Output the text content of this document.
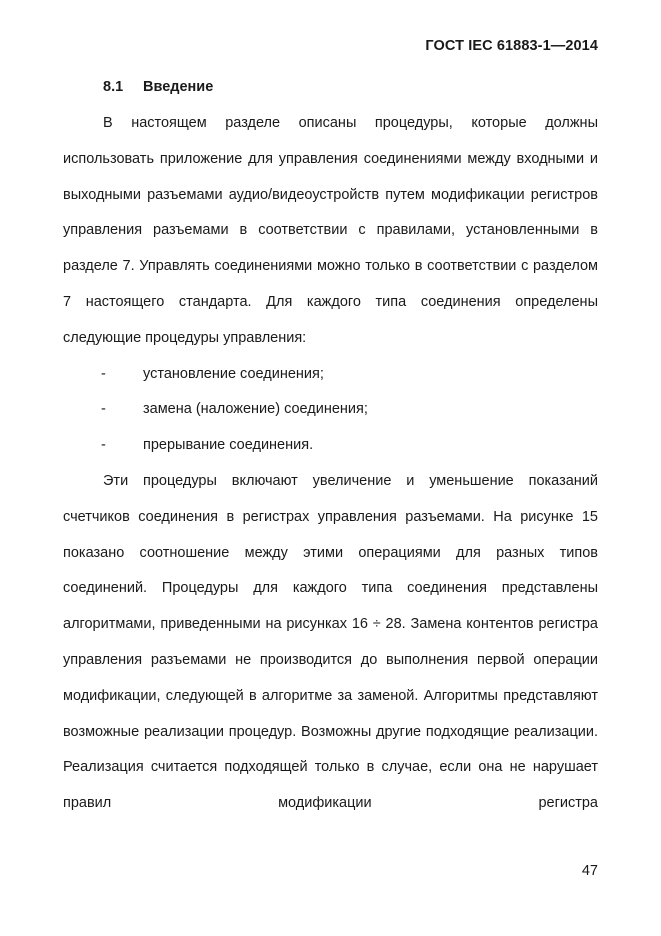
ГОСТ IEC 61883-1—2014
8.1 Введение

В настоящем разделе описаны процедуры, которые должны использовать приложение для управления соединениями между входными и выходными разъемами аудио/видеоустройств путем модификации регистров управления разъемами в соответствии с правилами, установленными в разделе 7. Управлять соединениями можно только в соответствии с разделом 7 настоящего стандарта. Для каждого типа соединения определены следующие процедуры управления:

-	установление соединения;
-	замена (наложение) соединения;
-	прерывание соединения.

Эти процедуры включают увеличение и уменьшение показаний счетчиков соединения в регистрах управления разъемами. На рисунке 15 показано соотношение между этими операциями для разных типов соединений. Процедуры для каждого типа соединения представлены алгоритмами, приведенными на рисунках 16 ÷ 28. Замена контентов регистра управления разъемами не производится до выполнения первой операции модификации, следующей в алгоритме за заменой. Алгоритмы представляют возможные реализации процедур. Возможны другие подходящие реализации. Реализация считается подходящей только в случае, если она не нарушает правил модификации регистра

47
